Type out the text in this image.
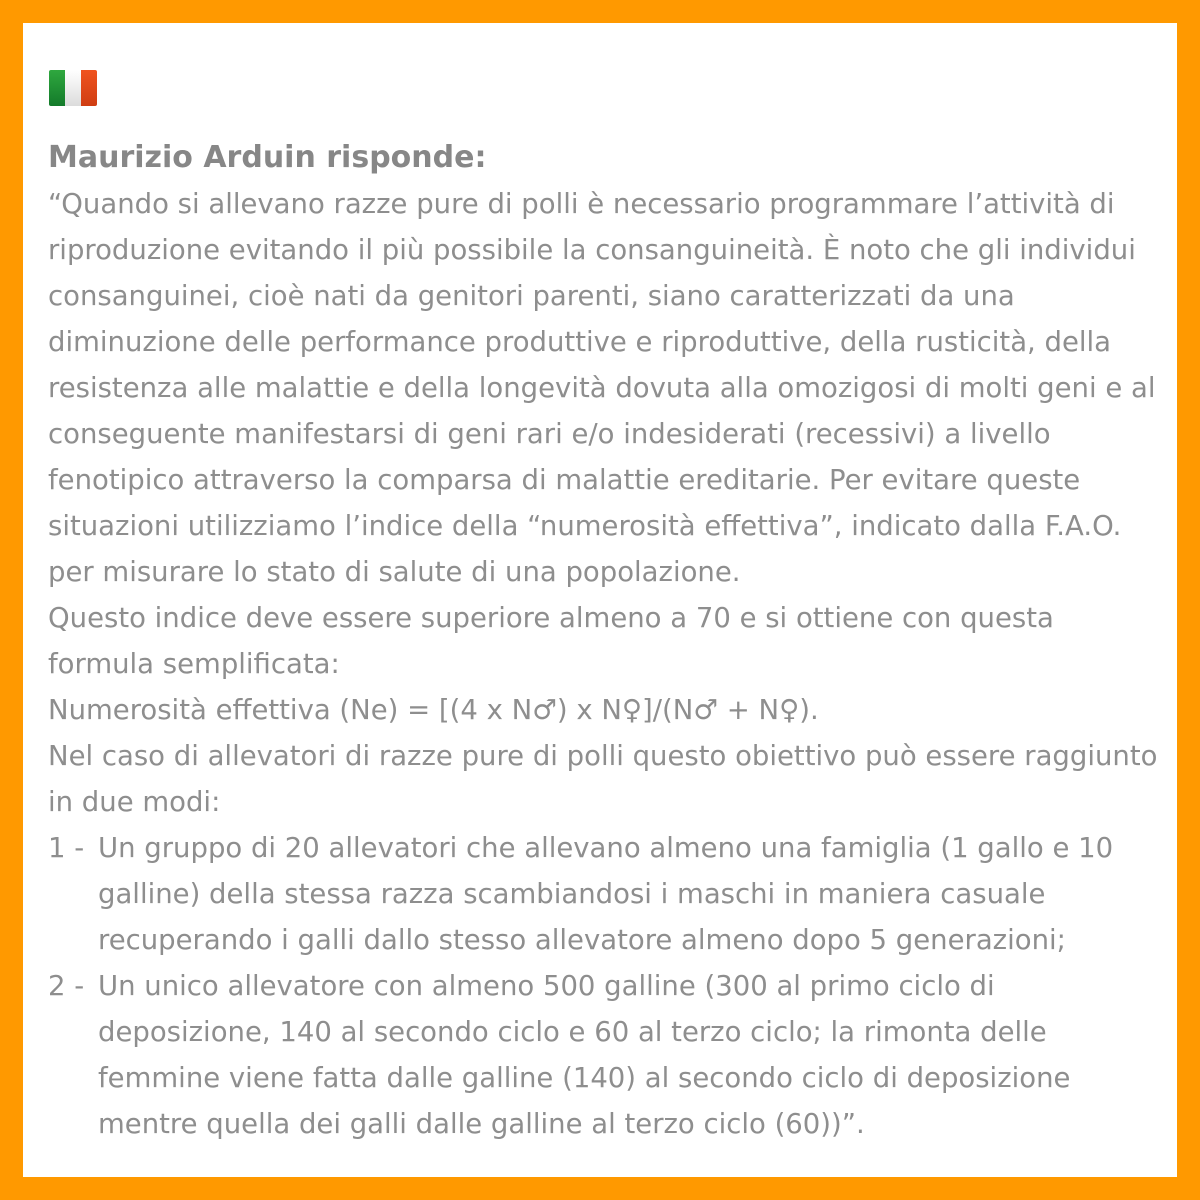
Maurizio Arduin risponde:

“Quando si allevano razze pure di polli è necessario programmare l’attività di riproduzione evitando il più possibile la consanguineità. È noto che gli individui consanguinei, cioè nati da genitori parenti, siano caratterizzati da una diminuzione delle performance produttive e riproduttive, della rusticità, della resistenza alle malattie e della longevità dovuta alla omozigosi di molti geni e al conseguente manifestarsi di geni rari e/o indesiderati (recessivi) a livello fenotipico attraverso la comparsa di malattie ereditarie. Per evitare queste situazioni utilizziamo l’indice della “numerosità effettiva”, indicato dalla F.A.O. per misurare lo stato di salute di una popolazione.

Questo indice deve essere superiore almeno a 70 e si ottiene con questa formula semplificata:

Numerosità effettiva (Ne) = [(4 x N♂) x N♀]/(N♂ + N♀).

Nel caso di allevatori di razze pure di polli questo obiettivo può essere raggiunto in due modi:

1 - Un gruppo di 20 allevatori che allevano almeno una famiglia (1 gallo e 10 galline) della stessa razza scambiandosi i maschi in maniera casuale recuperando i galli dallo stesso allevatore almeno dopo 5 generazioni;
2 - Un unico allevatore con almeno 500 galline (300 al primo ciclo di deposizione, 140 al secondo ciclo e 60 al terzo ciclo; la rimonta delle femmine viene fatta dalle galline (140) al secondo ciclo di deposizione mentre quella dei galli dalle galline al terzo ciclo (60))”.
